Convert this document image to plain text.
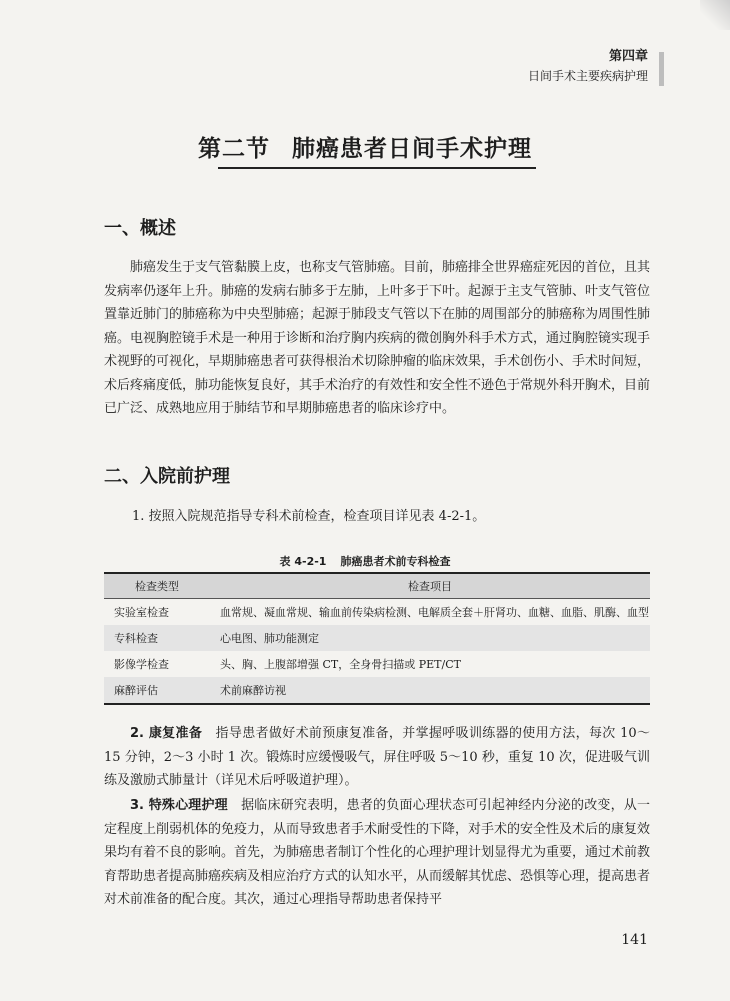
第四章
日间手术主要疾病护理
第二节 肺癌患者日间手术护理
一、概述

肺癌发生于支气管黏膜上皮，也称支气管肺癌。目前，肺癌排全世界癌症死因的首位，且其发病率仍逐年上升。肺癌的发病右肺多于左肺，上叶多于下叶。起源于主支气管肺、叶支气管位置靠近肺门的肺癌称为中央型肺癌；起源于肺段支气管以下在肺的周围部分的肺癌称为周围性肺癌。电视胸腔镜手术是一种用于诊断和治疗胸内疾病的微创胸外科手术方式，通过胸腔镜实现手术视野的可视化，早期肺癌患者可获得根治术切除肿瘤的临床效果，手术创伤小、手术时间短，术后疼痛度低，肺功能恢复良好，其手术治疗的有效性和安全性不逊色于常规外科开胸术，目前已广泛、成熟地应用于肺结节和早期肺癌患者的临床诊疗中。

二、入院前护理
1. 按照入院规范指导专科术前检查，检查项目详见表 4-2-1。
表 4-2-1 肺癌患者术前专科检查
检查类型	检查项目
实验室检查	血常规、凝血常规、输血前传染病检测、电解质全套＋肝肾功、血糖、血脂、肌酶、血型
专科检查	心电图、肺功能测定
影像学检查	头、胸、上腹部增强 CT，全身骨扫描或 PET/CT
麻醉评估	术前麻醉访视

2. 康复准备　 指导患者做好术前预康复准备，并掌握呼吸训练器的使用方法，每次 10～15 分钟，2～3 小时 1 次。锻炼时应缓慢吸气，屏住呼吸 5～10 秒，重复 10 次，促进吸气训练及激励式肺量计（详见术后呼吸道护理）。

3. 特殊心理护理　 据临床研究表明，患者的负面心理状态可引起神经内分泌的改变，从一定程度上削弱机体的免疫力，从而导致患者手术耐受性的下降，对手术的安全性及术后的康复效果均有着不良的影响。首先，为肺癌患者制订个性化的心理护理计划显得尤为重要，通过术前教育帮助患者提高肺癌疾病及相应治疗方式的认知水平，从而缓解其忧虑、恐惧等心理，提高患者对术前准备的配合度。其次，通过心理指导帮助患者保持平

141
